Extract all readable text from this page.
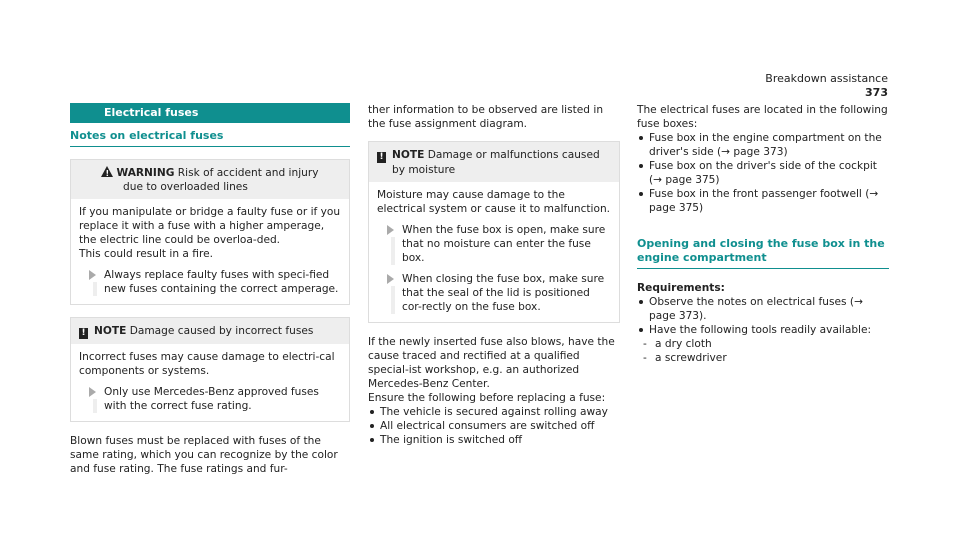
Breakdown assistance   373
Electrical fuses
Notes on electrical fuses
!WARNING Risk of accident and injury
due to overloaded lines

If you manipulate or bridge a faulty fuse or if you replace it with a fuse with a higher amperage, the electric line could be overloa-ded.

This could result in a fire.

Always replace faulty fuses with speci-fied new fuses containing the correct amperage.

! NOTE Damage caused by incorrect fuses

Incorrect fuses may cause damage to electri-cal components or systems.

Only use Mercedes-Benz approved fuses with the correct fuse rating.

Blown fuses must be replaced with fuses of the same rating, which you can recognize by the color and fuse rating. The fuse ratings and fur-

ther information to be observed are listed in the fuse assignment diagram.

! NOTE Damage or malfunctions caused
by moisture

Moisture may cause damage to the electrical system or cause it to malfunction.

When the fuse box is open, make sure that no moisture can enter the fuse box.

When closing the fuse box, make sure that the seal of the lid is positioned cor-rectly on the fuse box.

If the newly inserted fuse also blows, have the cause traced and rectified at a qualified special-ist workshop, e.g. an authorized Mercedes-Benz Center.

Ensure the following before replacing a fuse:

The vehicle is secured against rolling away
All electrical consumers are switched off
The ignition is switched off

The electrical fuses are located in the following fuse boxes:

Fuse box in the engine compartment on the driver's side (→ page 373)
Fuse box on the driver's side of the cockpit (→ page 375)
Fuse box in the front passenger footwell (→ page 375)
Opening and closing the fuse box in the engine compartment

Requirements:

Observe the notes on electrical fuses (→ page 373).
Have the following tools readily available:
- a dry cloth
- a screwdriver
